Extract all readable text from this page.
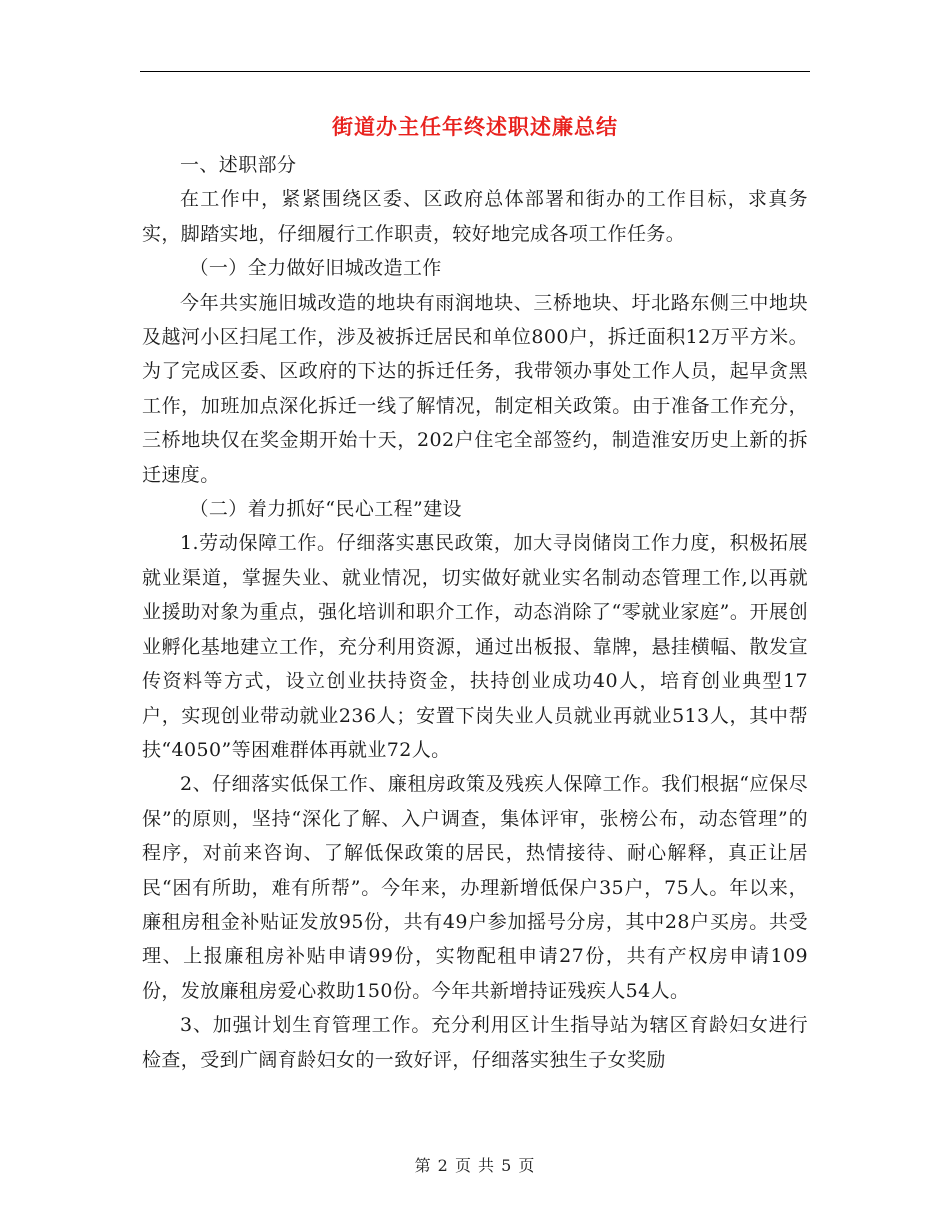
街道办主任年终述职述廉总结

一、述职部分

在工作中，紧紧围绕区委、区政府总体部署和街办的工作目标，求真务实，脚踏实地，仔细履行工作职责，较好地完成各项工作任务。

（一）全力做好旧城改造工作

今年共实施旧城改造的地块有雨润地块、三桥地块、圩北路东侧三中地块及越河小区扫尾工作，涉及被拆迁居民和单位800户，拆迁面积12万平方米。为了完成区委、区政府的下达的拆迁任务，我带领办事处工作人员，起早贪黑工作，加班加点深化拆迁一线了解情况，制定相关政策。由于准备工作充分，三桥地块仅在奖金期开始十天，202户住宅全部签约，制造淮安历史上新的拆迁速度。

（二）着力抓好“民心工程”建设

1.劳动保障工作。仔细落实惠民政策，加大寻岗储岗工作力度，积极拓展就业渠道，掌握失业、就业情况，切实做好就业实名制动态管理工作,以再就业援助对象为重点，强化培训和职介工作，动态消除了“零就业家庭”。开展创业孵化基地建立工作，充分利用资源，通过出板报、靠牌，悬挂横幅、散发宣传资料等方式，设立创业扶持资金，扶持创业成功40人，培育创业典型17户，实现创业带动就业236人；安置下岗失业人员就业再就业513人，其中帮扶“4050”等困难群体再就业72人。

2、仔细落实低保工作、廉租房政策及残疾人保障工作。我们根据“应保尽保”的原则，坚持“深化了解、入户调查，集体评审，张榜公布，动态管理”的程序，对前来咨询、了解低保政策的居民，热情接待、耐心解释，真正让居民“困有所助，难有所帮”。今年来，办理新增低保户35户，75人。年以来，廉租房租金补贴证发放95份，共有49户参加摇号分房，其中28户买房。共受理、上报廉租房补贴申请99份，实物配租申请27份，共有产权房申请109份，发放廉租房爱心救助150份。今年共新增持证残疾人54人。

3、加强计划生育管理工作。充分利用区计生指导站为辖区育龄妇女进行检查，受到广阔育龄妇女的一致好评，仔细落实独生子女奖励

第 2 页 共 5 页
